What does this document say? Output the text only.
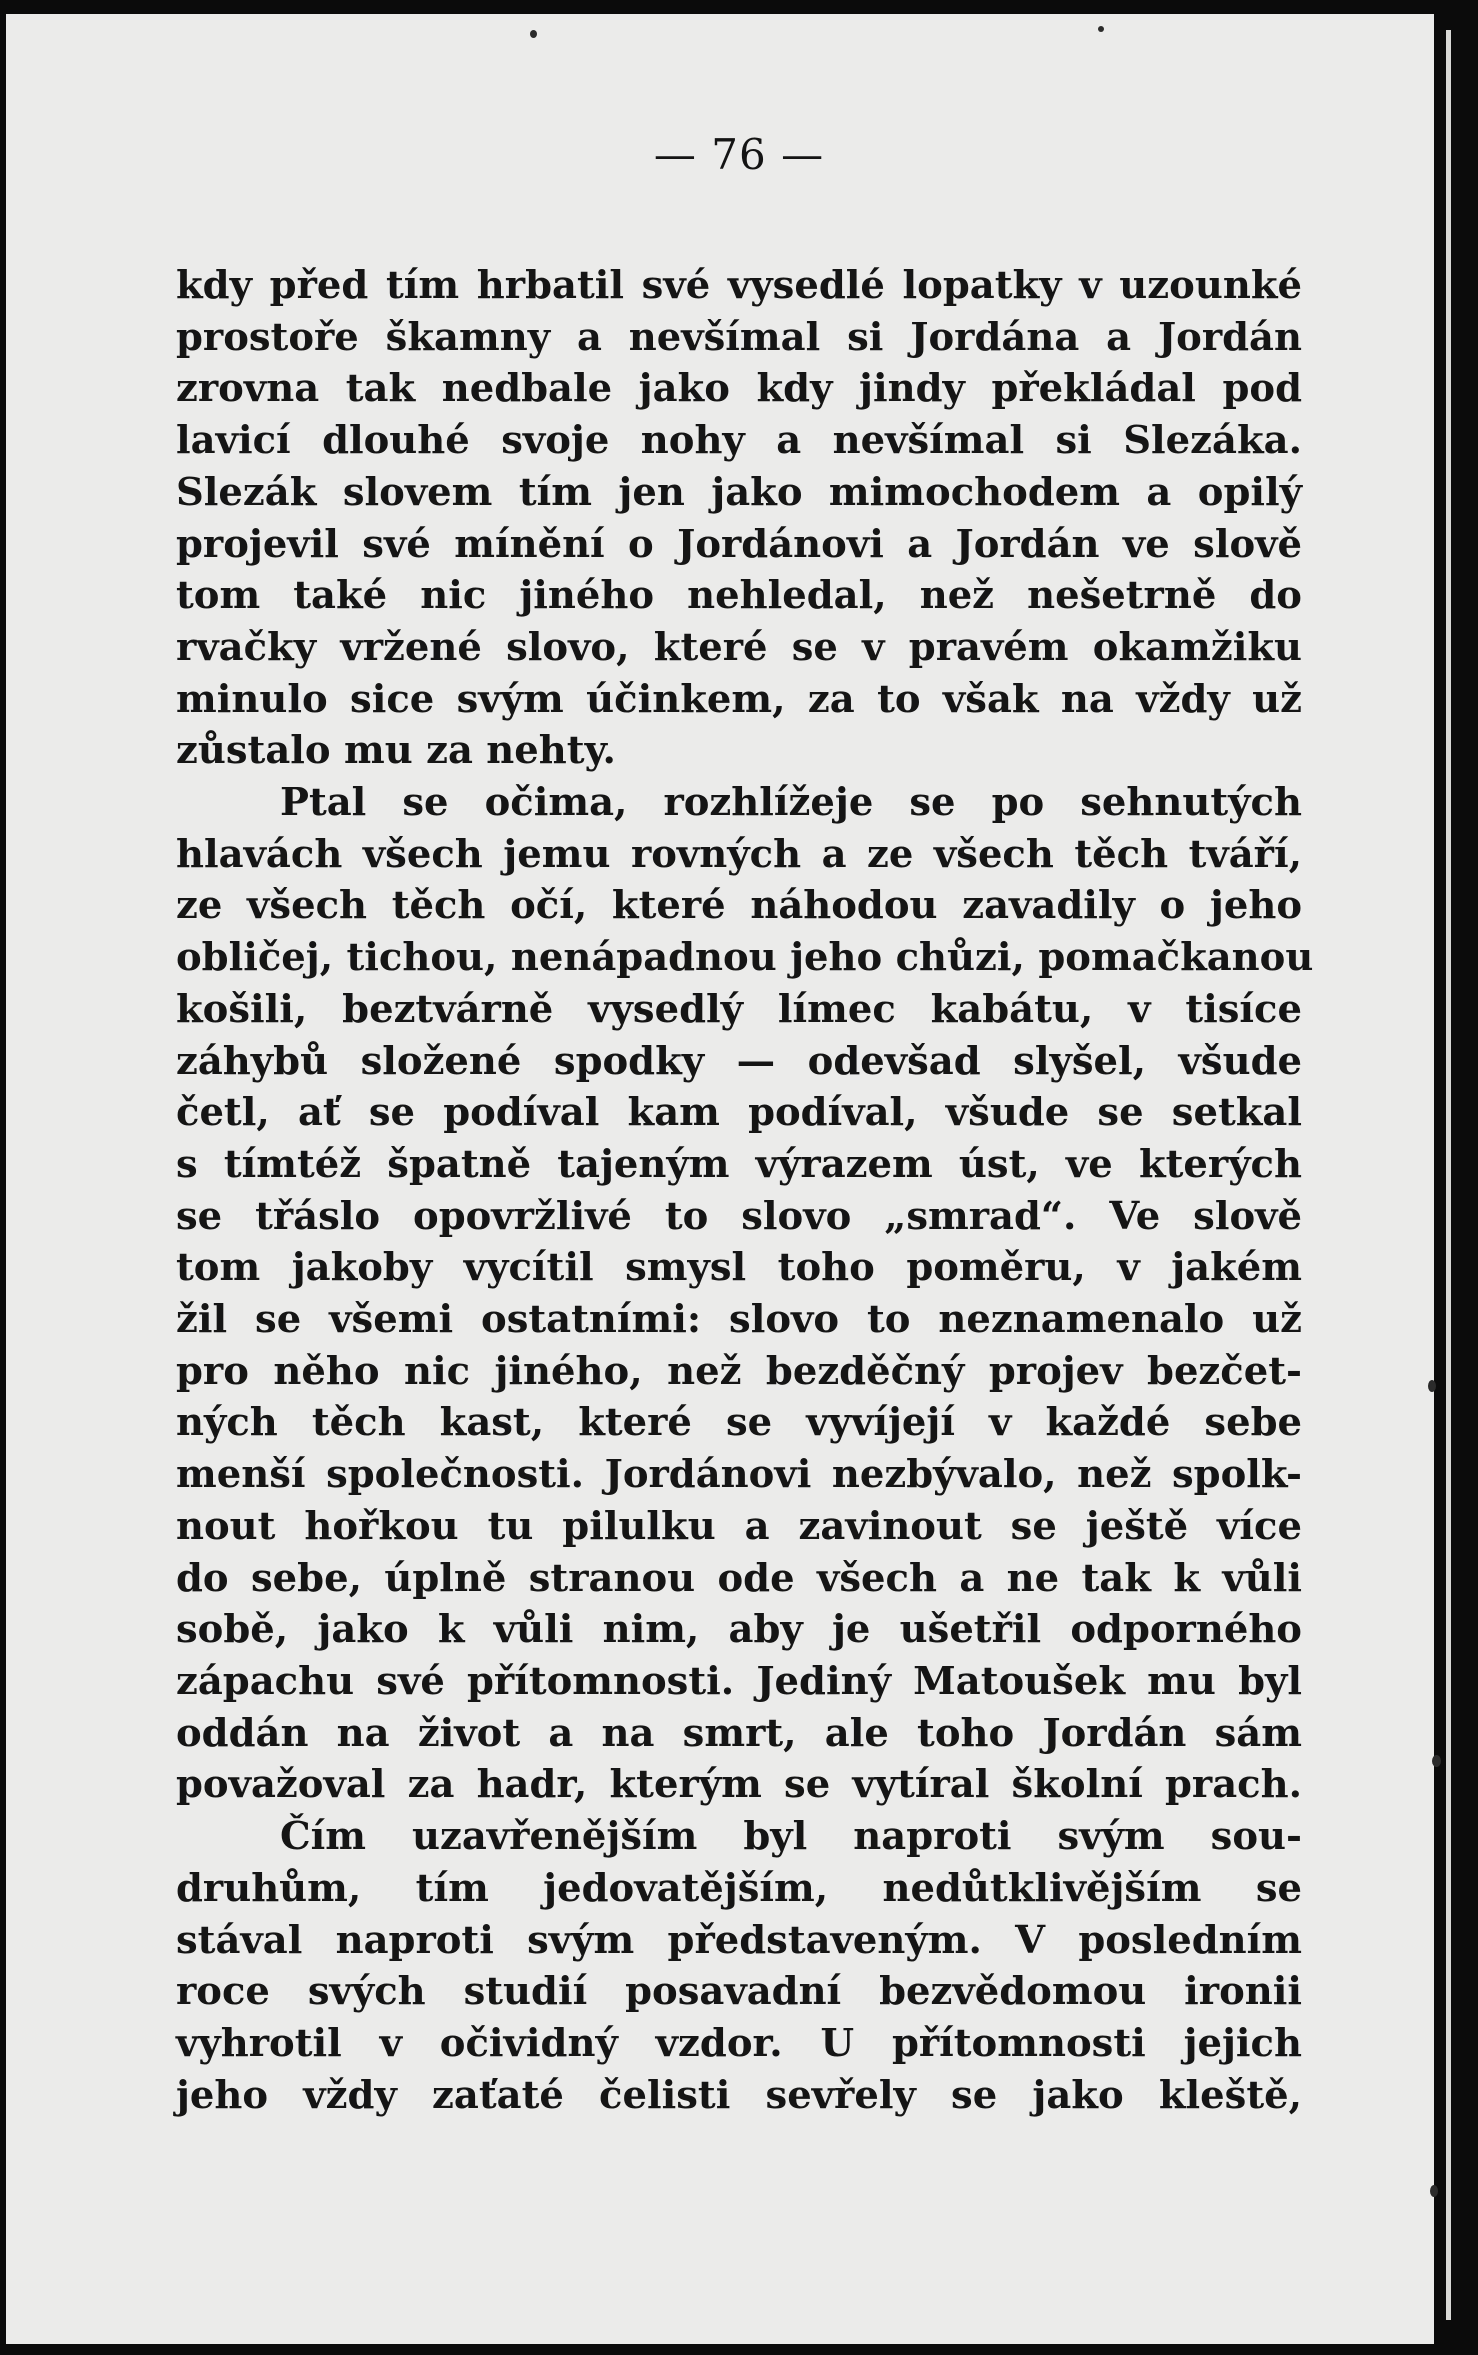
— 76 —
kdy před tím hrbatil své vysedlé lopatky v uzounké
prostoře škamny a nevšímal si Jordána a Jordán
zrovna tak nedbale jako kdy jindy překládal pod
lavicí dlouhé svoje nohy a nevšímal si Slezáka.
Slezák slovem tím jen jako mimochodem a opilý
projevil své mínění o Jordánovi a Jordán ve slově
tom také nic jiného nehledal, než nešetrně do
rvačky vržené slovo, které se v pravém okamžiku
minulo sice svým účinkem, za to však na vždy už
zůstalo mu za nehty.
Ptal se očima, rozhlížeje se po sehnutých
hlavách všech jemu rovných a ze všech těch tváří,
ze všech těch očí, které náhodou zavadily o jeho
obličej, tichou, nenápadnou jeho chůzi, pomačkanou
košili, beztvárně vysedlý límec kabátu, v tisíce
záhybů složené spodky — odevšad slyšel, všude
četl, ať se podíval kam podíval, všude se setkal
s tímtéž špatně tajeným výrazem úst, ve kterých
se třáslo opovržlivé to slovo „smrad“. Ve slově
tom jakoby vycítil smysl toho poměru, v jakém
žil se všemi ostatními: slovo to neznamenalo už
pro něho nic jiného, než bezděčný projev bezčet-
ných těch kast, které se vyvíjejí v každé sebe
menší společnosti. Jordánovi nezbývalo, než spolk-
nout hořkou tu pilulku a zavinout se ještě více
do sebe, úplně stranou ode všech a ne tak k vůli
sobě, jako k vůli nim, aby je ušetřil odporného
zápachu své přítomnosti. Jediný Matoušek mu byl
oddán na život a na smrt, ale toho Jordán sám
považoval za hadr, kterým se vytíral školní prach.
Čím uzavřenějším byl naproti svým sou-
druhům, tím jedovatějším, nedůtklivějším se
stával naproti svým představeným. V posledním
roce svých studií posavadní bezvědomou ironii
vyhrotil v očividný vzdor. U přítomnosti jejich
jeho vždy zaťaté čelisti sevřely se jako kleště,
